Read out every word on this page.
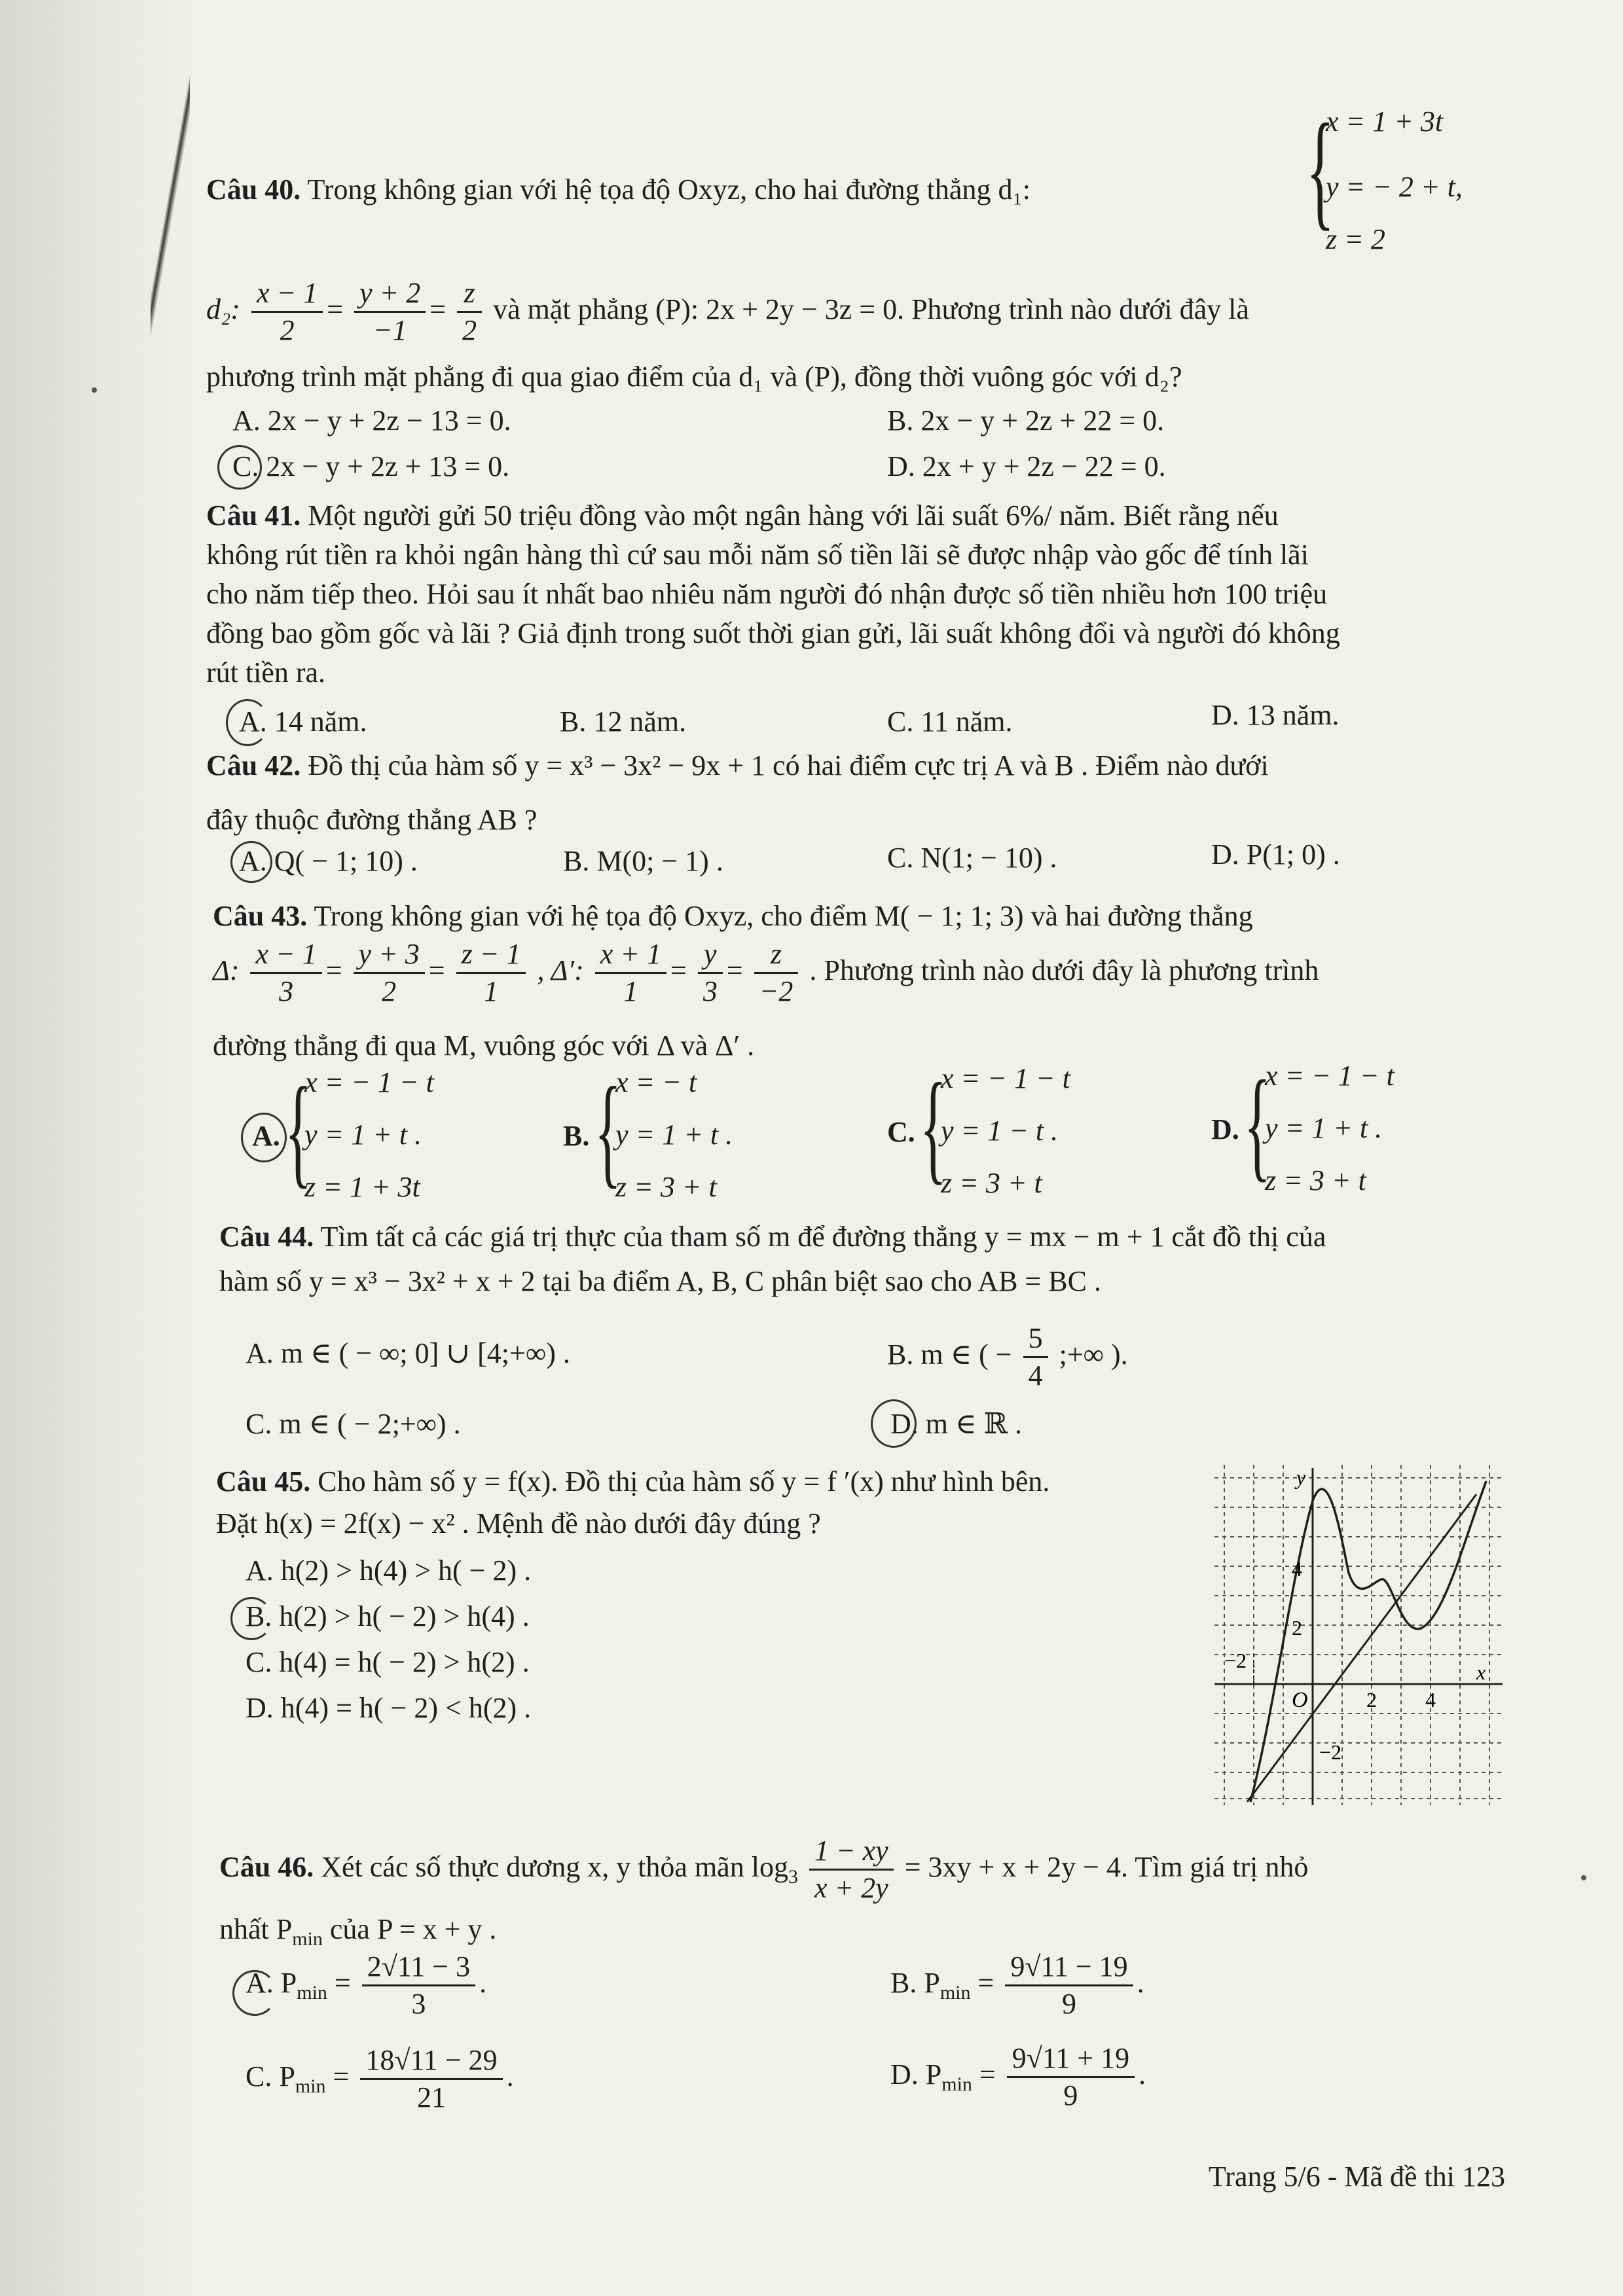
Câu 40. Trong không gian với hệ tọa độ Oxyz, cho hai đường thẳng d₁: {
x = 1 + 3t
y = − 2 + t,
z = 2
d₂: $\frac{x - 1}{2} = \frac{y + 2}{-1} = \frac{z}{2}$ và mặt phẳng (P): 2x + 2y − 3z = 0. Phương trình nào dưới đây là
phương trình mặt phẳng đi qua giao điểm của d₁ và (P), đồng thời vuông góc với d₂?
A. 2x − y + 2z − 13 = 0.	B. 2x − y + 2z + 22 = 0.
C. 2x − y + 2z + 13 = 0.	D. 2x + y + 2z − 22 = 0.
Câu 41. Một người gửi 50 triệu đồng vào một ngân hàng với lãi suất 6%/ năm. Biết rằng nếu
không rút tiền ra khỏi ngân hàng thì cứ sau mỗi năm số tiền lãi sẽ được nhập vào gốc để tính lãi
cho năm tiếp theo. Hỏi sau ít nhất bao nhiêu năm người đó nhận được số tiền nhiều hơn 100 triệu
đồng bao gồm gốc và lãi ? Giả định trong suốt thời gian gửi, lãi suất không đổi và người đó không
rút tiền ra.
A. 14 năm.	B. 12 năm.	C. 11 năm.	D. 13 năm.
Câu 42. Đồ thị của hàm số y = x³ − 3x² − 9x + 1 có hai điểm cực trị A và B . Điểm nào dưới
đây thuộc đường thẳng AB ?
A. Q( − 1; 10) .	B. M(0; − 1) .	C. N(1; − 10) .	D. P(1; 0) .
Câu 43. Trong không gian với hệ tọa độ Oxyz, cho điểm M( − 1; 1; 3) và hai đường thẳng
Δ: $\frac{x - 1}{3} = \frac{y + 3}{2} = \frac{z - 1}{1}$ , Δ′: $\frac{x + 1}{1} = \frac{y}{3} = \frac{z}{-2}$ . Phương trình nào dưới đây là phương trình
đường thẳng đi qua M, vuông góc với Δ và Δ′ .
A. {
x = − 1 − t
y = 1 + t .
z = 1 + 3t
B. {
x = − t
y = 1 + t .
z = 3 + t
C. {
x = − 1 − t
y = 1 − t .
z = 3 + t
D. {
x = − 1 − t
y = 1 + t .
z = 3 + t
Câu 44. Tìm tất cả các giá trị thực của tham số m để đường thẳng y = mx − m + 1 cắt đồ thị của
hàm số y = x³ − 3x² + x + 2 tại ba điểm A, B, C phân biệt sao cho AB = BC .
A. m ∈ ( − ∞; 0] ∪ [4;+∞) .	B. m ∈ ( − $\frac{5}{4}$ ;+∞ ).
C. m ∈ ( − 2;+∞) .	D. m ∈ ℝ .
Câu 45. Cho hàm số y = f(x). Đồ thị của hàm số y = f ′(x) như hình bên.
Đặt h(x) = 2f(x) − x² . Mệnh đề nào dưới đây đúng ?
A. h(2) > h(4) > h( − 2) .
B. h(2) > h( − 2) > h(4) .
C. h(4) = h( − 2) > h(2) .
D. h(4) = h( − 2) < h(2) .
y
x
O
4
2
−2
2 4
−2
Câu 46. Xét các số thực dương x, y thỏa mãn $\log_3 \frac{1 - xy}{x + 2y} = 3xy + x + 2y - 4$. Tìm giá trị nhỏ
nhất $P_{min}$ của P = x + y .
A. $P_{min} = \frac{2√11 - 3}{3}$ .	B. $P_{min} = \frac{9√11 - 19}{9}$ .
C. $P_{min} = \frac{18√11 - 29}{21}$ .	D. $P_{min} = \frac{9√11 + 19}{9}$ .
Trang 5/6 - Mã đề thi 123
